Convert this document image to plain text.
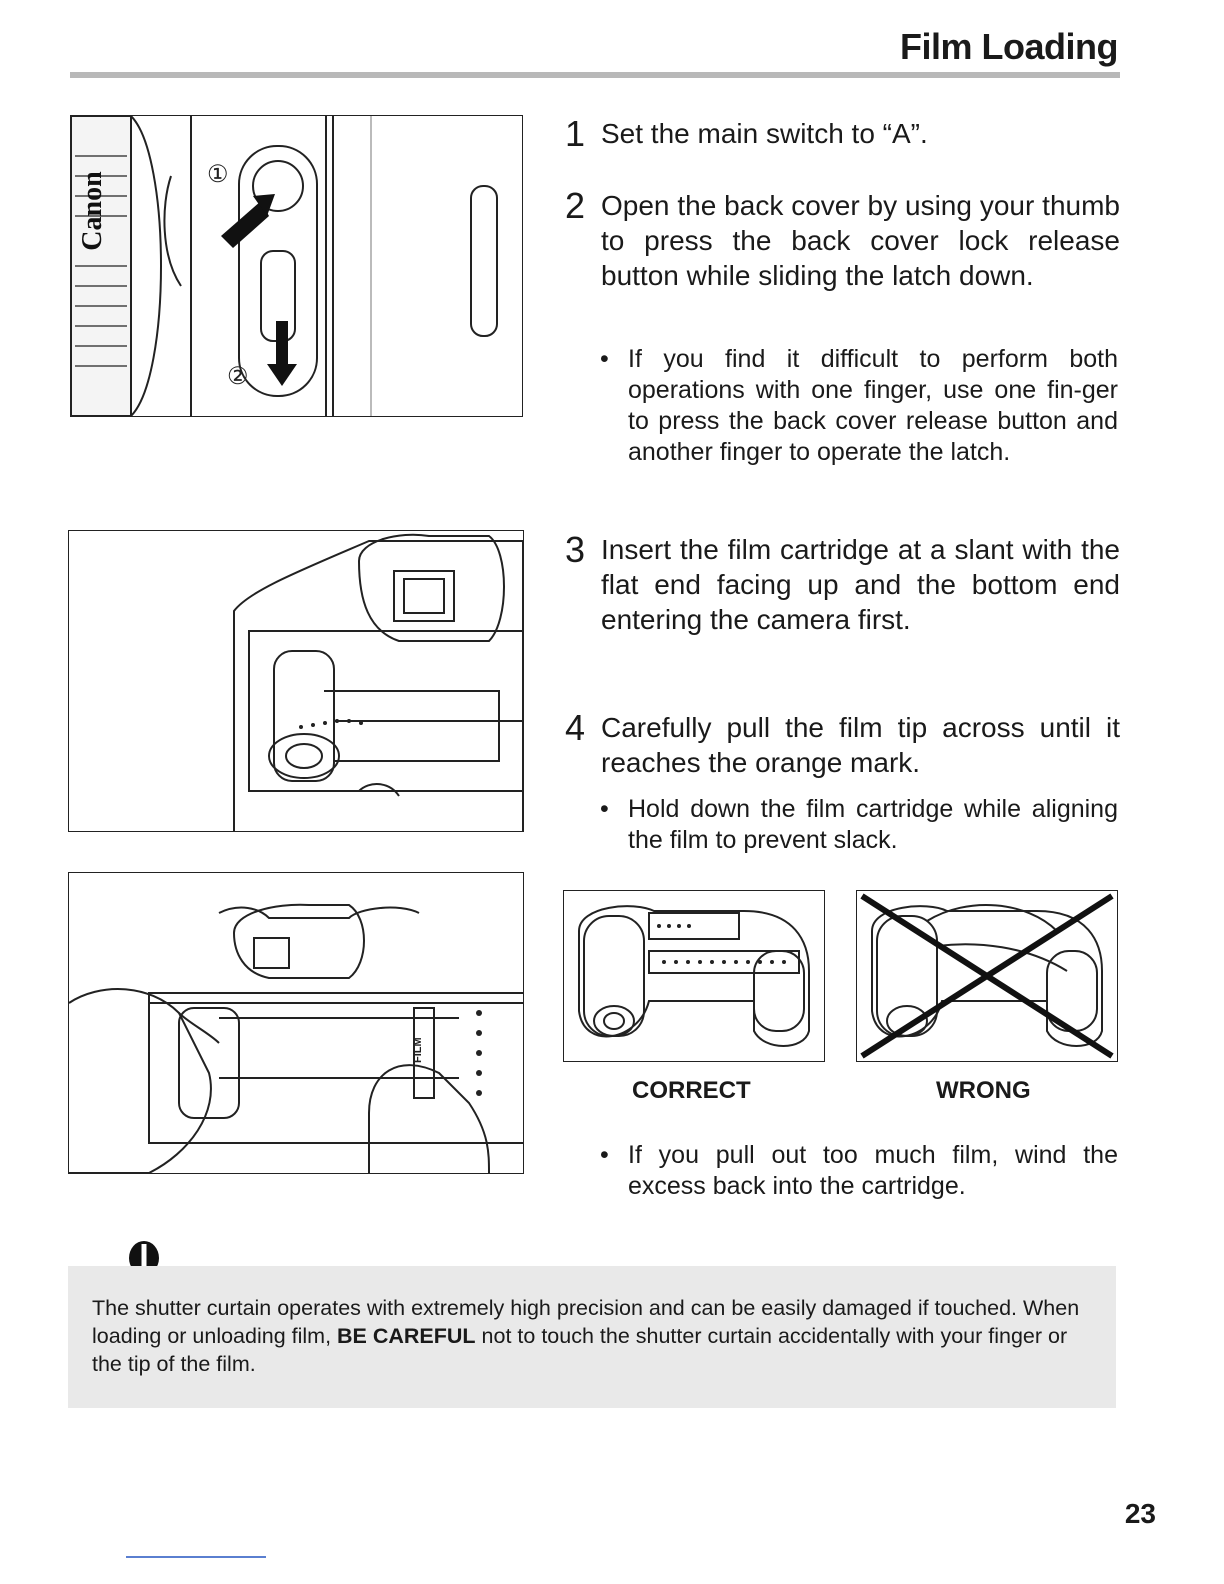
Film Loading
Canon	①
②
FILM
1 Set the main switch to “A”.
2 Open the back cover by using your thumb to press the back cover lock release button while sliding the latch down.
• If you find it difficult to perform both operations with one finger, use one fin-ger to press the back cover release button and another finger to operate the latch.
3 Insert the film cartridge at a slant with the flat end facing up and the bottom end entering the camera first.
4 Carefully pull the film tip across until it reaches the orange mark.
• Hold down the film cartridge while aligning the film to prevent slack.
CORRECT	WRONG
• If you pull out too much film, wind the excess back into the cartridge.
The shutter curtain operates with extremely high precision and can be easily damaged if touched. When loading or unloading film, BE CAREFUL not to touch the shutter curtain accidentally with your finger or the tip of the film.
23
